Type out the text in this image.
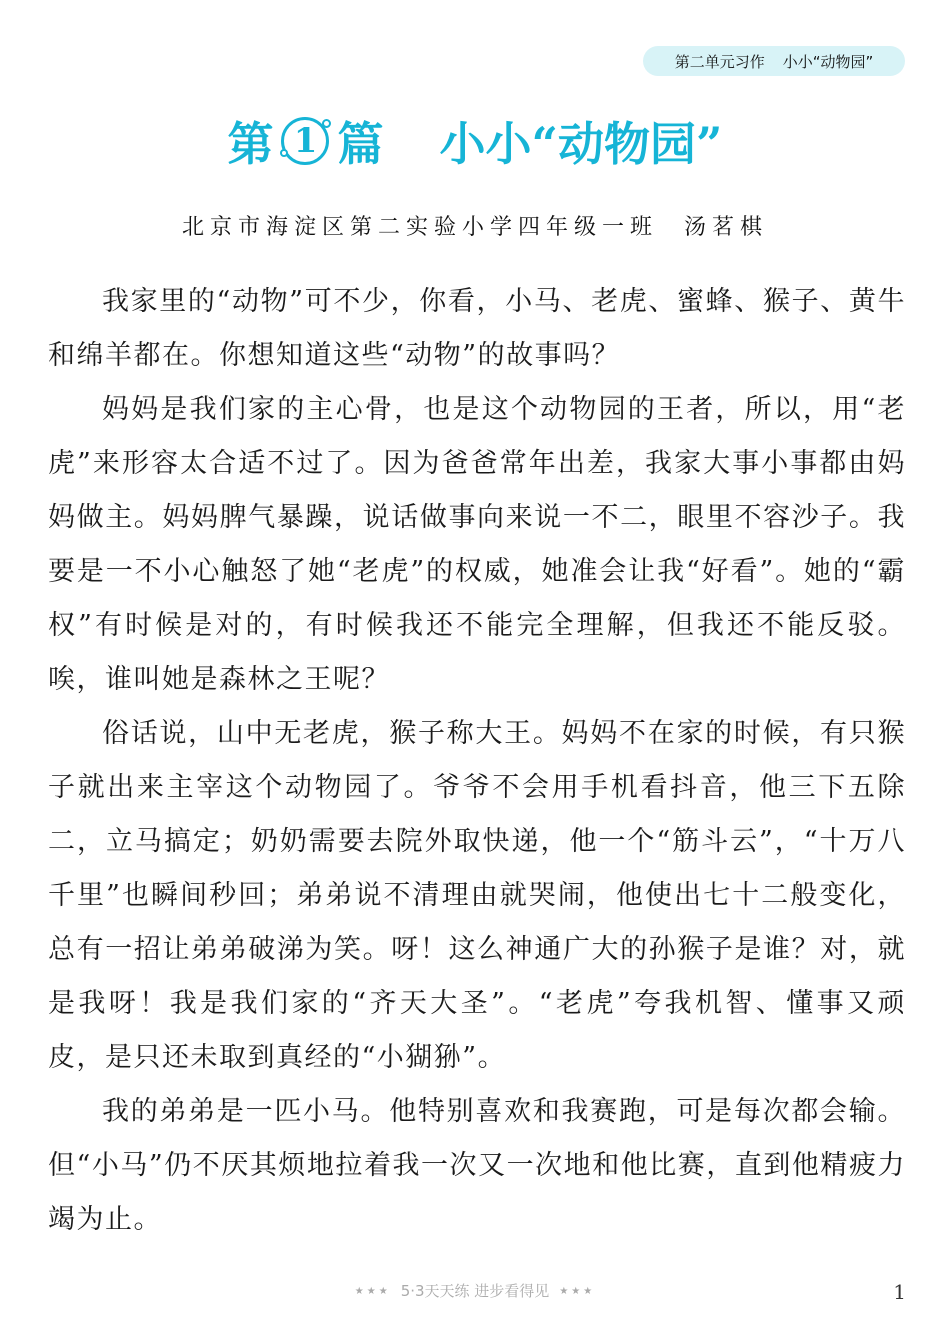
第二单元习作 小小“动物园”
第 1 篇 小小“动物园”
北京市海淀区第二实验小学四年级一班 汤茗棋

我家里的“动物”可不少，你看，小马、老虎、蜜蜂、猴子、黄牛和绵羊都在。你想知道这些“动物”的故事吗？

妈妈是我们家的主心骨，也是这个动物园的王者，所以，用“老虎”来形容太合适不过了。因为爸爸常年出差，我家大事小事都由妈妈做主。妈妈脾气暴躁，说话做事向来说一不二，眼里不容沙子。我要是一不小心触怒了她“老虎”的权威，她准会让我“好看”。她的“霸权”有时候是对的，有时候我还不能完全理解，但我还不能反驳。唉，谁叫她是森林之王呢？

俗话说，山中无老虎，猴子称大王。妈妈不在家的时候，有只猴子就出来主宰这个动物园了。爷爷不会用手机看抖音，他三下五除二，立马搞定；奶奶需要去院外取快递，他一个“筋斗云”，“十万八千里”也瞬间秒回；弟弟说不清理由就哭闹，他使出七十二般变化，总有一招让弟弟破涕为笑。呀！这么神通广大的孙猴子是谁？对，就是我呀！我是我们家的“齐天大圣”。“老虎”夸我机智、懂事又顽皮，是只还未取到真经的“小猢狲”。

我的弟弟是一匹小马。他特别喜欢和我赛跑，可是每次都会输。但“小马”仍不厌其烦地拉着我一次又一次地和他比赛，直到他精疲力竭为止。

★★★ 5·3天天练 进步看得见 ★★★	1
